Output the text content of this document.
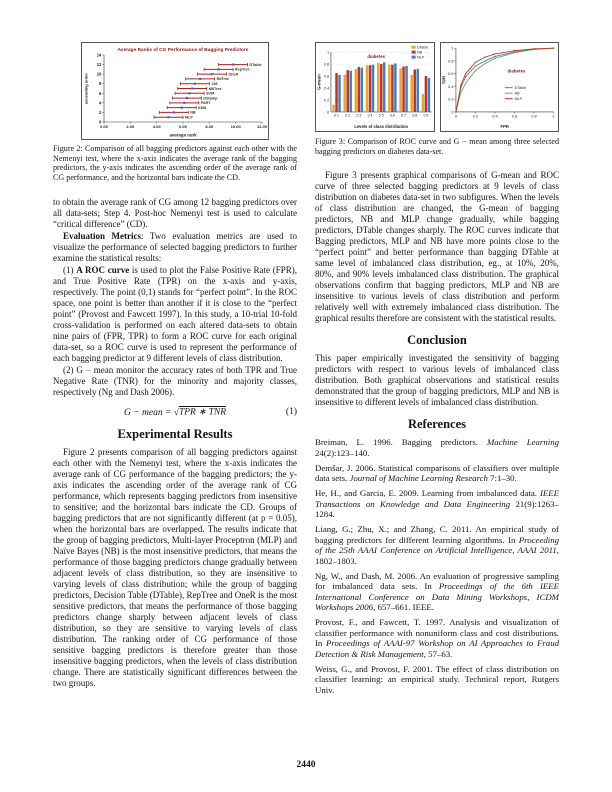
Average Ranks of CG Performance of Bagging Predictors
0
2
4
6
8
10
12
14
0.00	2.00	4.00	6.00	8.00	10.00	12.00
average rank
ascending order
MLP
NB
KNN
PART
DStump
SVM
NBTree
J48
RdTree
OneR
RepTree
DTable
Figure 2: Comparison of all bagging predictors against each other with the Nemenyi test, where the x-axis indicates the average rank of the bagging predictors, the y-axis indicates the ascending order of the average rank of CG performance, and the horizontal bars indicate the CD.

to obtain the average rank of CG among 12 bagging predictors over all data-sets; Step 4. Post-hoc Nemenyi test is used to calculate “critical difference” (CD).

Evaluation Metrics: Two evaluation metrics are used to visualize the performance of selected bagging predictors to further examine the statistical results:

(1) A ROC curve is used to plot the False Positive Rate (FPR), and True Positive Rate (TPR) on the x-axis and y-axis, respectively. The point (0,1) stands for “perfect point”. In the ROC space, one point is better than another if it is close to the “perfect point” (Provost and Fawcett 1997). In this study, a 10-trial 10-fold cross-validation is performed on each altered data-sets to obtain nine pairs of (FPR, TPR) to form a ROC curve for each original data-set, so a ROC curve is used to represent the performance of each bagging predictor at 9 different levels of class distribution.

(2) G − mean monitor the accuracy rates of both TPR and True Negative Rate (TNR) for the minority and majority classes, respectively (Ng and Dash 2006).

G − mean = √TPR ∗ TNR	(1)
Experimental Results

Figure 2 presents comparison of all bagging predictors against each other with the Nemenyi test, where the x-axis indicates the average rank of CG performance of the bagging predictors; the y-axis indicates the ascending order of the average rank of CG performance, which represents bagging predictors from insensitive to sensitive; and the horizontal bars indicate the CD. Groups of bagging predictors that are not significantly different (at p = 0.05), when the horizontal bars are overlapped. The results indicate that the group of bagging predictors, Multi-layer Proceptron (MLP) and Naïve Bayes (NB) is the most insensitive predictors, that means the performance of those bagging predictors change gradually between adjacent levels of class distribution, so they are insensitive to varying levels of class distribution; while the group of bagging predictors, Decision Table (DTable), RepTree and OneR is the most sensitive predictors, that means the performance of those bagging predictors change sharply between adjacent levels of class distribution, so they are sensitive to varying levels of class distribution. The ranking order of CG performance of those sensitive bagging predictors is therefore greater than those insensitive bagging predictors, when the levels of class distribution change. There are statistically significant differences between the two groups.

0
0.2
0.4
0.6
0.8
1
0.1 0.2 0.3 0.4 0.5 0.6 0.7 0.8 0.9
Levels of class distribution
G-mean
diabetes
DTable
NB
MLP
0
0.2
0.4
0.6
0.8
1
0	0.2	0.4	0.6	0.8	1
FPR
TPR
diabetes
DTable
NB
MLP
Figure 3: Comparison of ROC curve and G − mean among three selected bagging predictors on diabetes data-set.

Figure 3 presents graphical comparisons of G-mean and ROC curve of three selected bagging predictors at 9 levels of class distribution on diabetes data-set in two subfigures. When the levels of class distribution are changed, the G-mean of bagging predictors, NB and MLP change gradually, while bagging predictors, DTable changes sharply. The ROC curves indicate that Bagging predictors, MLP and NB have more points close to the “perfect point” and better performance than bagging DTable at same level of imbalanced class distribution, eg., at 10%, 20%, 80%, and 90% levels imbalanced class distribution. The graphical observations confirm that bagging predictors, MLP and NB are insensitive to various levels of class distribution and perform relatively well with extremely imbalanced class distribution. The graphical results therefore are consistent with the statistical results.

Conclusion

This paper empirically investigated the sensitivity of bagging predictors with respect to various levels of imbalanced class distribution. Both graphical observations and statistical results demonstrated that the group of bagging predictors, MLP and NB is insensitive to different levels of imbalanced class distribution.

References

Breiman, L. 1996. Bagging predictors. Machine Learning 24(2):123–140.

Demšar, J. 2006. Statistical comparisons of classifiers over multiple data sets. Journal of Machine Learning Research 7:1–30.

He, H., and Garcia, E. 2009. Learning from imbalanced data. IEEE Transactions on Knowledge and Data Engineering 21(9):1263–1284.

Liang, G.; Zhu, X.; and Zhang, C. 2011. An empirical study of bagging predictors for different learning algorithms. In Proceeding of the 25th AAAI Conference on Artificial Intelligence, AAAI 2011, 1802–1803.

Ng, W., and Dash, M. 2006. An evaluation of progressive sampling for imbalanced data sets. In Proceedings of the 6th IEEE International Conference on Data Mining Workshops, ICDM Workshops 2006, 657–661. IEEE.

Provost, F., and Fawcett, T. 1997. Analysis and visualization of classifier performance with nonuniform class and cost distributions. In Proceedings of AAAI-97 Workshop on AI Approaches to Fraud Detection & Risk Management, 57–63.

Weiss, G., and Provost, F. 2001. The effect of class distribution on classifier learning: an empirical study. Technical report, Rutgers Univ.

2440
